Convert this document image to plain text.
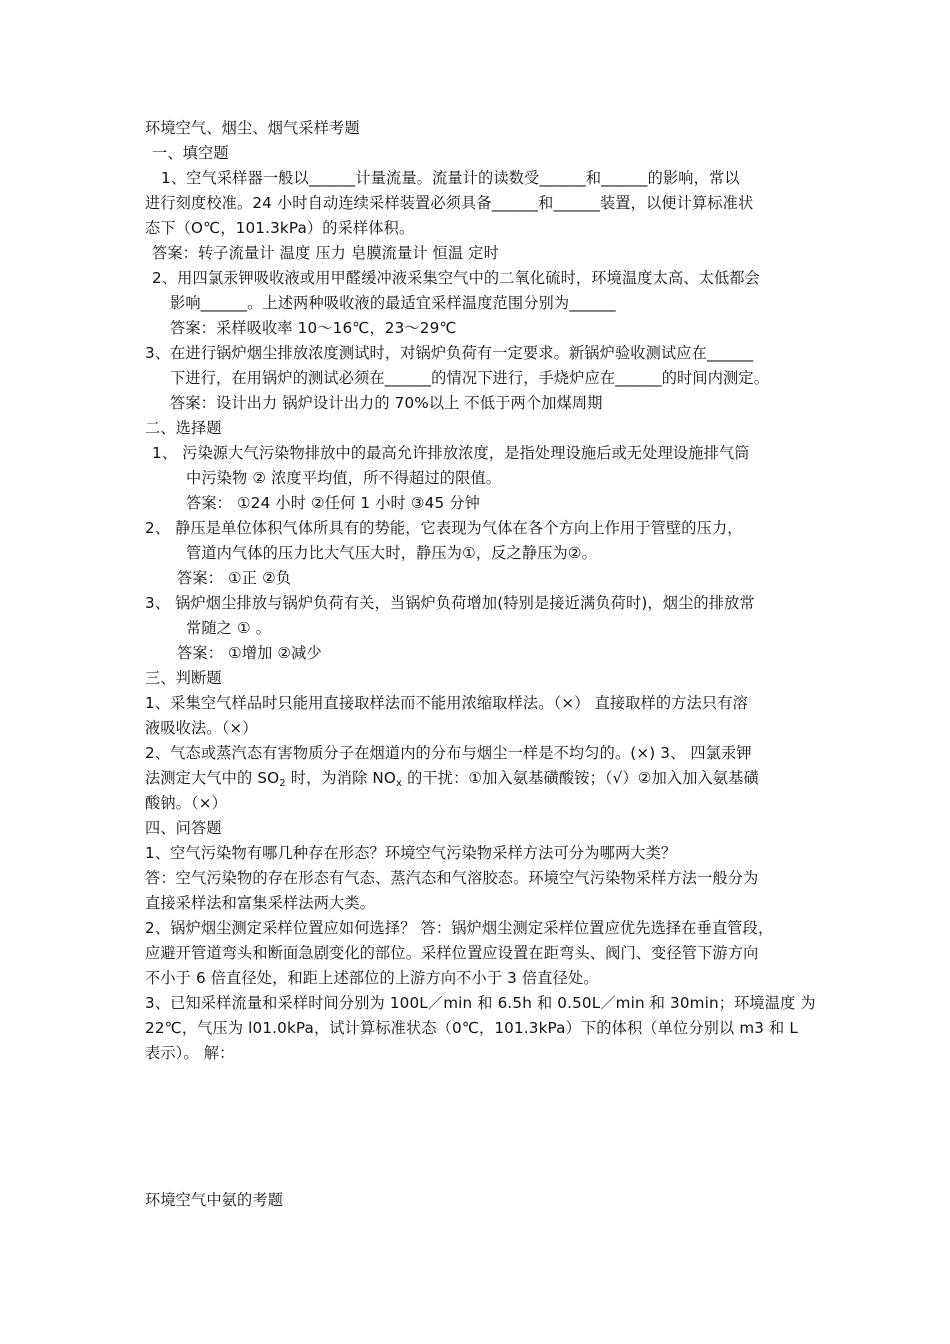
环境空气、烟尘、烟气采样考题
一、填空题
1、空气采样器一般以______计量流量。流量计的读数受______和______的影响，常以
进行刻度校准。24 小时自动连续采样装置必须具备______和______装置，以便计算标准状
态下（O℃，101.3kPa）的采样体积。
答案：转子流量计 温度 压力 皂膜流量计 恒温 定时
2、用四氯汞钾吸收液或用甲醛缓冲液采集空气中的二氧化硫时，环境温度太高、太低都会
影响______。上述两种吸收液的最适宜采样温度范围分别为______
答案：采样吸收率 10～16℃，23～29℃
3、在进行锅炉烟尘排放浓度测试时，对锅炉负荷有一定要求。新锅炉验收测试应在______
下进行，在用锅炉的测试必须在______的情况下进行，手烧炉应在______的时间内测定。
答案：设计出力 锅炉设计出力的 70%以上 不低于两个加煤周期
二、选择题
1、 污染源大气污染物排放中的最高允许排放浓度，是指处理设施后或无处理设施排气筒
中污染物 ② 浓度平均值，所不得超过的限值。
答案： ①24 小时 ②任何 1 小时 ③45 分钟
2、 静压是单位体积气体所具有的势能，它表现为气体在各个方向上作用于管壁的压力，
管道内气体的压力比大气压大时，静压为①，反之静压为②。
答案： ①正 ②负
3、 锅炉烟尘排放与锅炉负荷有关，当锅炉负荷增加(特别是接近满负荷时)，烟尘的排放常
常随之 ① 。
答案： ①增加 ②减少
三、判断题
1、采集空气样品时只能用直接取样法而不能用浓缩取样法。（×） 直接取样的方法只有溶
液吸收法。（×）
2、气态或蒸汽态有害物质分子在烟道内的分布与烟尘一样是不均匀的。(×) 3、 四氯汞钾
法测定大气中的 $SO_2$ 时，为消除 $NO_x$ 的干扰：①加入氨基磺酸铵；（√）②加入加入氨基磺
酸钠。（×）
四、问答题
1、空气污染物有哪几种存在形态？环境空气污染物采样方法可分为哪两大类？
答：空气污染物的存在形态有气态、蒸汽态和气溶胶态。环境空气污染物采样方法一般分为
直接采样法和富集采样法两大类。
2、锅炉烟尘测定采样位置应如何选择？ 答：锅炉烟尘测定采样位置应优先选择在垂直管段，
应避开管道弯头和断面急剧变化的部位。采样位置应设置在距弯头、阀门、变径管下游方向
不小于 6 倍直径处，和距上述部位的上游方向不小于 3 倍直径处。
3、已知采样流量和采样时间分别为 100L／min 和 6.5h 和 0.50L／min 和 30min；环境温度 为
22℃，气压为 l01.0kPa，试计算标准状态（0℃，101.3kPa）下的体积（单位分别以 m3 和 L
表示）。 解：
环境空气中氨的考题
